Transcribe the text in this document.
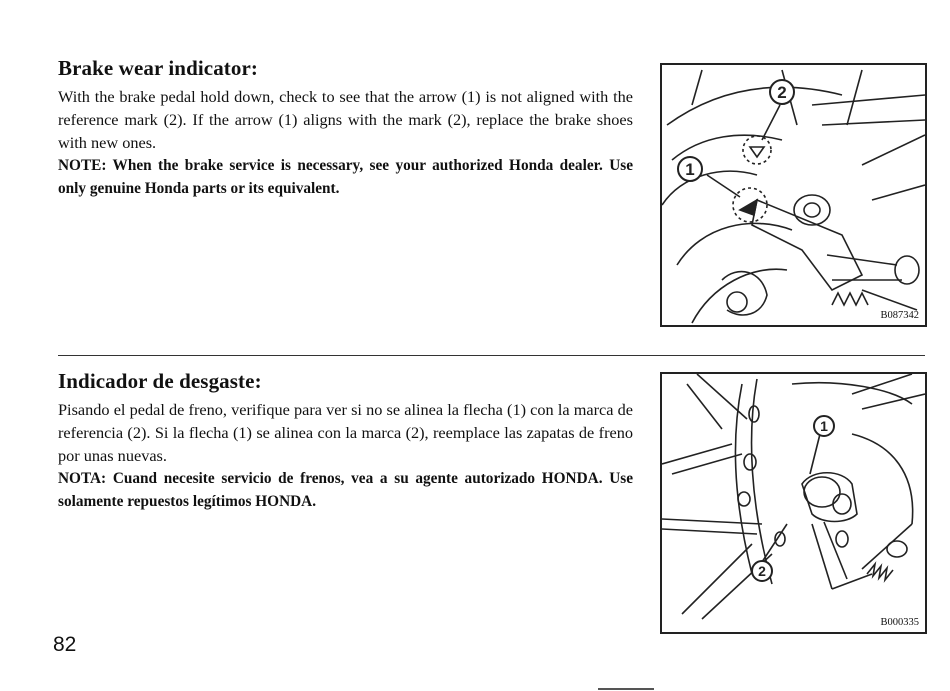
Brake wear indicator:

With the brake pedal hold down, check to see that the arrow (1) is not aligned with the reference mark (2). If the arrow (1) aligns with the mark (2), replace the brake shoes with new ones.

NOTE: When the brake service is necessary, see your authorized Honda dealer. Use only genuine Honda parts or its equivalent.

1
2
B087342
Indicador de desgaste:

Pisando el pedal de freno, verifique para ver si no se alinea la flecha (1) con la marca de referencia (2). Si la flecha (1) se alinea con la marca (2), reemplace las zapatas de freno por unas nuevas.

NOTA: Cuand necesite servicio de frenos, vea a su agente autorizado HONDA. Use solamente repuestos legítimos HONDA.

1
2
B000335
82
